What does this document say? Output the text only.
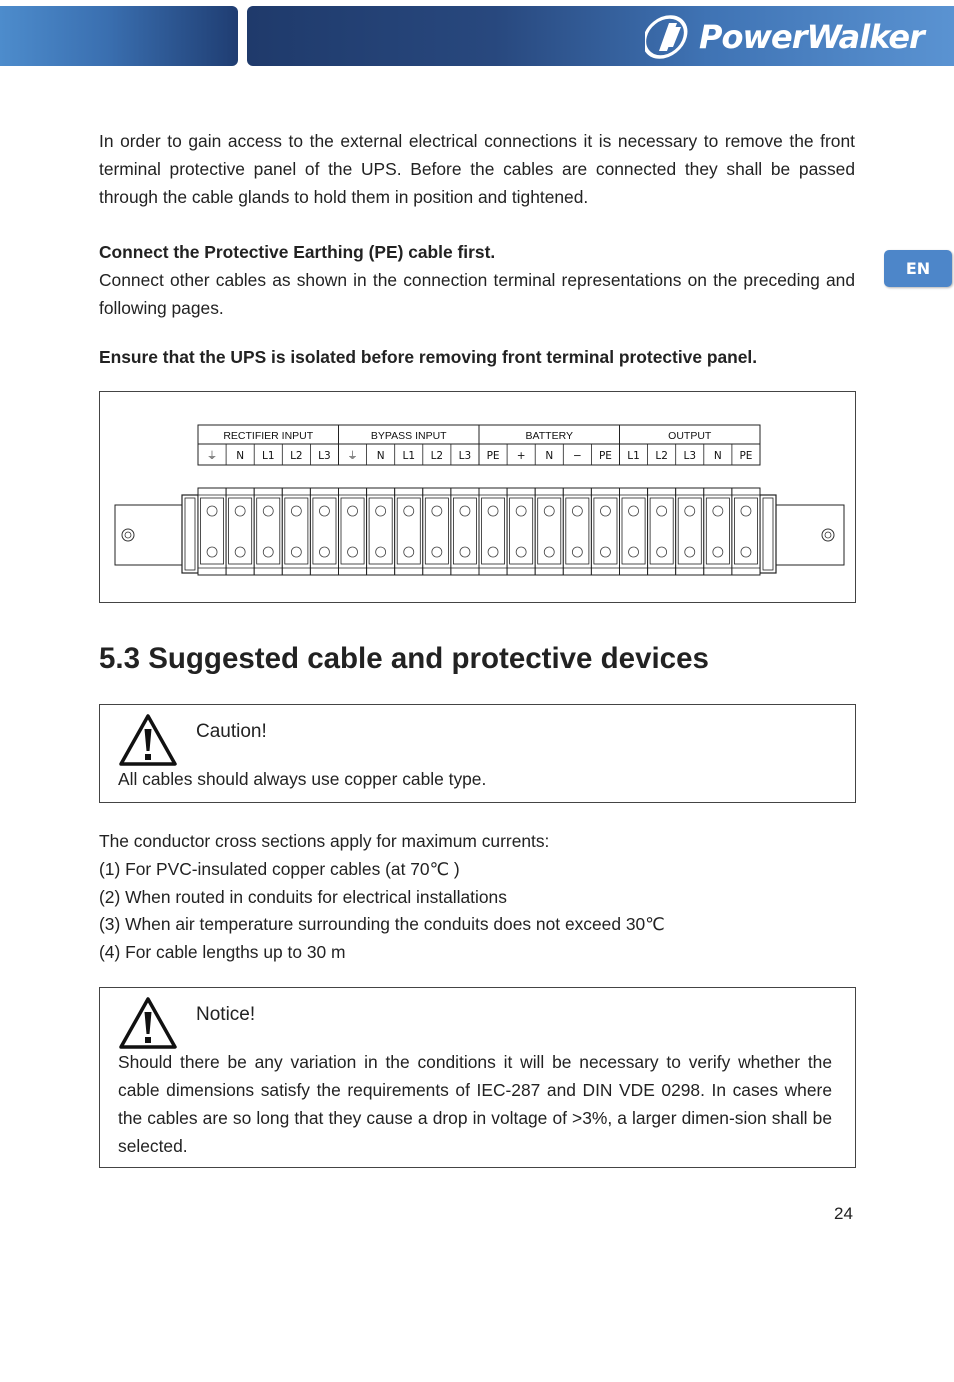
PowerWalker
EN

In order to gain access to the external electrical connections it is necessary to remove the front terminal protective panel of the UPS. Before the cables are connected they shall be passed through the cable glands to hold them in position and tightened.

Connect the Protective Earthing (PE) cable first.

Connect other cables as shown in the connection terminal representations on the preceding and following pages.

Ensure that the UPS is isolated before removing front terminal protective panel.

RECTIFIER INPUT	BYPASS INPUT	BATTERY	OUTPUT
⏚ N L1 L2 L3 ⏚ N L1 L2 L3 PE + N − PE L1 L2 L3 N PE
5.3 Suggested cable and protective devices
Caution!

All cables should always use copper cable type.

The conductor cross sections apply for maximum currents:
(1) For PVC-insulated copper cables (at 70℃ )
(2) When routed in conduits for electrical installations
(3) When air temperature surrounding the conduits does not exceed 30℃
(4) For cable lengths up to 30 m
Notice!

Should there be any variation in the conditions it will be necessary to verify whether the cable dimensions satisfy the requirements of IEC-287 and DIN VDE 0298. In cases where the cables are so long that they cause a drop in voltage of >3%, a larger dimen-sion shall be selected.

24
